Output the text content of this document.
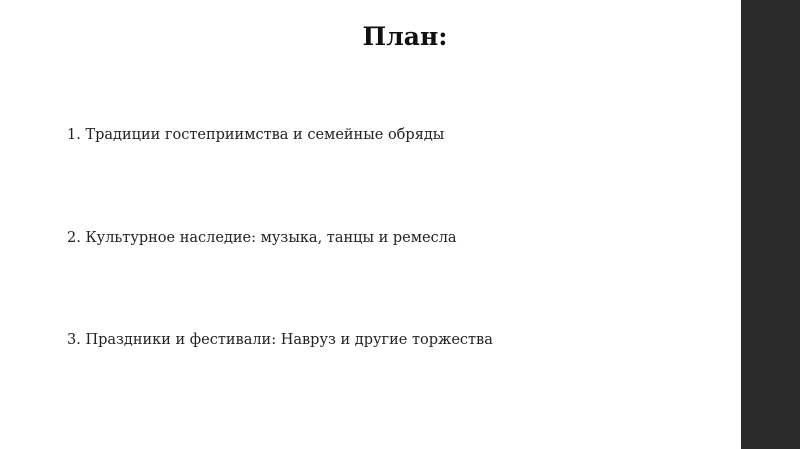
План:
1. Традиции гостеприимства и семейные обряды
2. Культурное наследие: музыка, танцы и ремесла
3. Праздники и фестивали: Навруз и другие торжества
